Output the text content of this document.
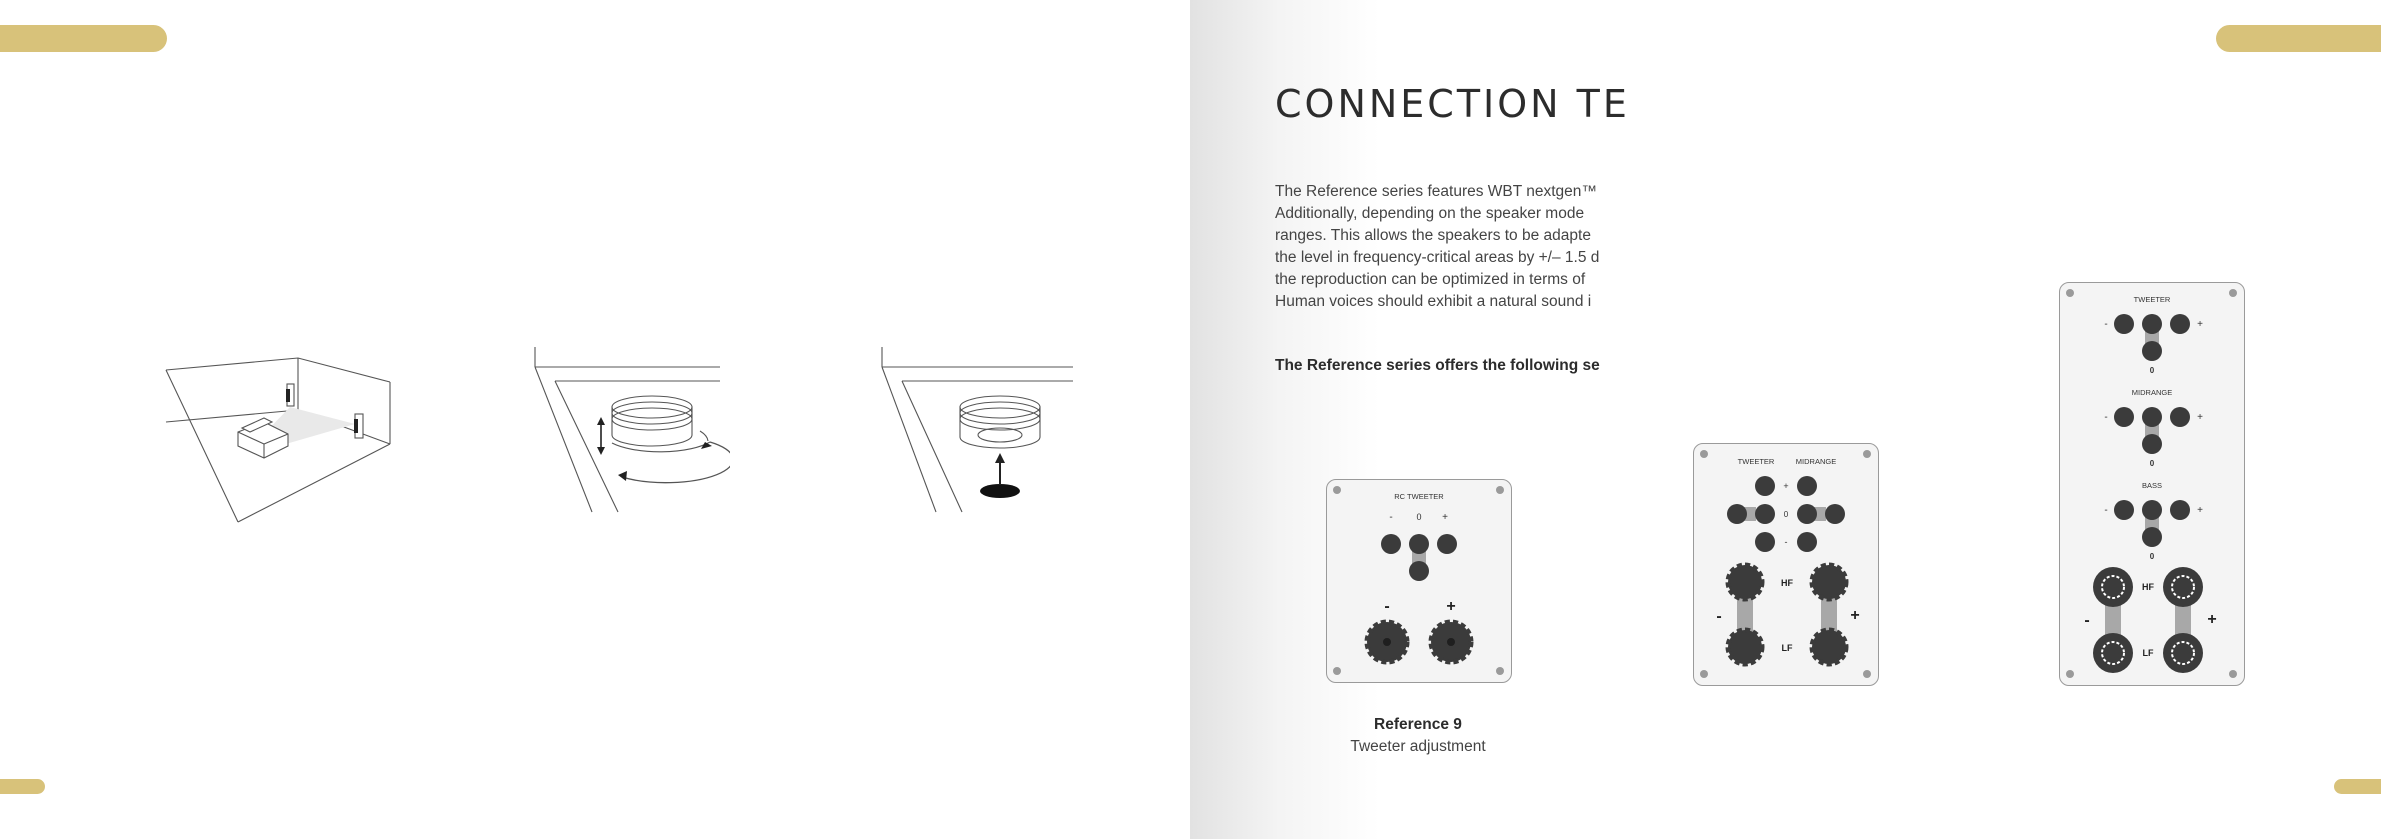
CONNECTION TE
The Reference series features WBT nextgen™
Additionally, depending on the speaker mode
ranges. This allows the speakers to be adapte
the level in frequency-critical areas by +/– 1.5 d
the reproduction can be optimized in terms of
Human voices should exhibit a natural sound i
The Reference series offers the following se
RC TWEETER
-	0 +
-	+
TWEETER	MIDRANGE
+
0
-
HF
LF
-	+
TWEETER
-	+
0
MIDRANGE
-	+
0
BASS
-	+
0
HF
LF
-	+
Reference 9
Tweeter adjustment
